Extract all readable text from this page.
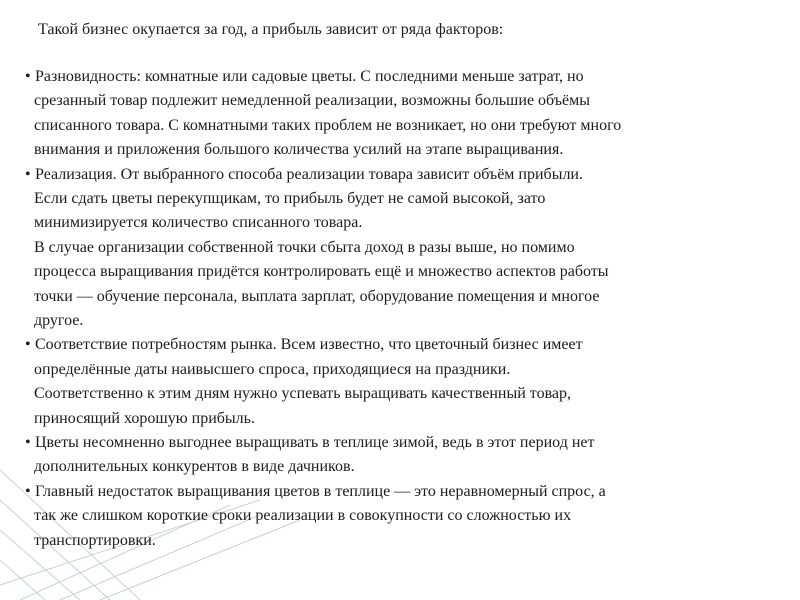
Такой бизнес окупается за год, а прибыль зависит от ряда факторов:
• Разновидность: комнатные или садовые цветы. С последними меньше затрат, но
срезанный товар подлежит немедленной реализации, возможны большие объёмы
списанного товара. С комнатными таких проблем не возникает, но они требуют много
внимания и приложения большого количества усилий на этапе выращивания.
• Реализация. От выбранного способа реализации товара зависит объём прибыли.
Если сдать цветы перекупщикам, то прибыль будет не самой высокой, зато
минимизируется количество списанного товара.
В случае организации собственной точки сбыта доход в разы выше, но помимо
процесса выращивания придётся контролировать ещё и множество аспектов работы
точки — обучение персонала, выплата зарплат, оборудование помещения и многое
другое.
• Соответствие потребностям рынка. Всем известно, что цветочный бизнес имеет
определённые даты наивысшего спроса, приходящиеся на праздники.
Соответственно к этим дням нужно успевать выращивать качественный товар,
приносящий хорошую прибыль.
• Цветы несомненно выгоднее выращивать в теплице зимой, ведь в этот период нет
дополнительных конкурентов в виде дачников.
• Главный недостаток выращивания цветов в теплице — это неравномерный спрос, а
так же слишком короткие сроки реализации в совокупности со сложностью их
транспортировки.
